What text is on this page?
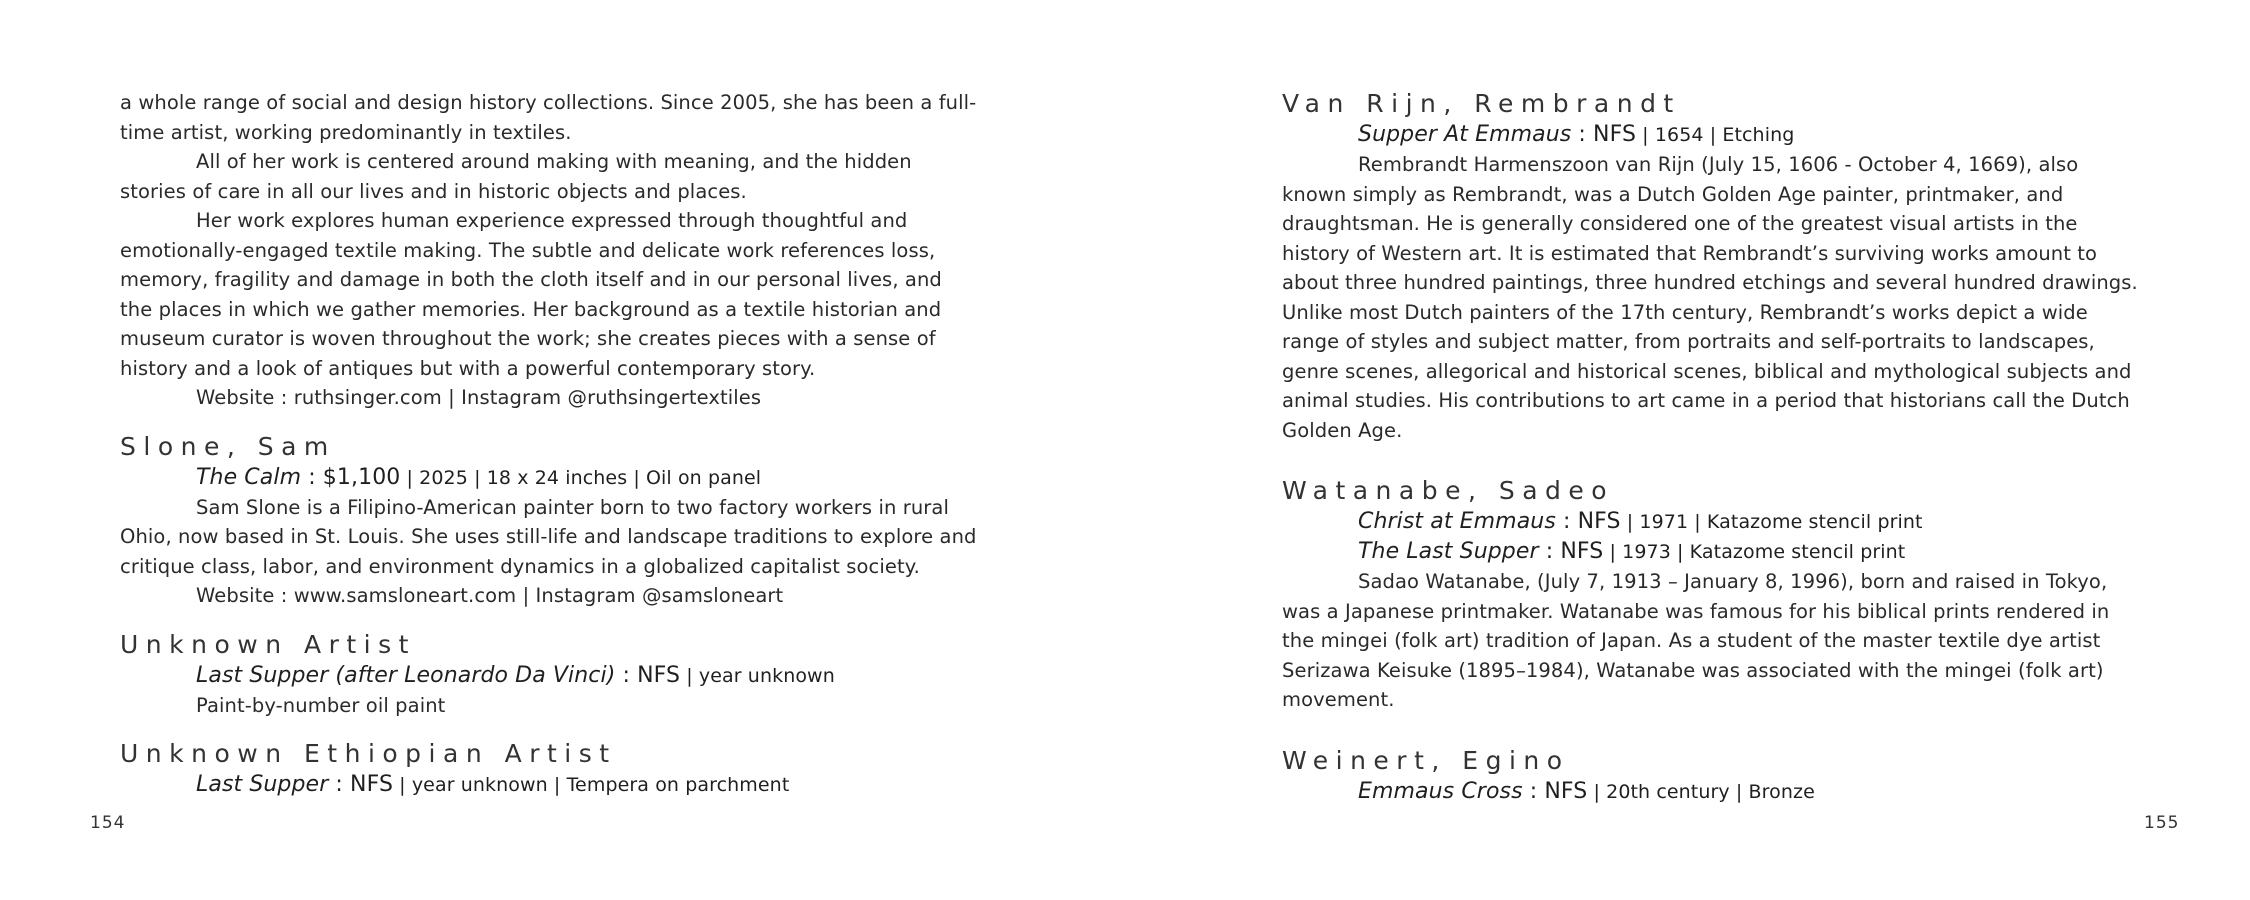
a whole range of social and design history collections. Since 2005, she has been a full-time artist, working predominantly in textiles.

All of her work is centered around making with meaning, and the hidden stories of care in all our lives and in historic objects and places.

Her work explores human experience expressed through thoughtful and emotionally-engaged textile making. The subtle and delicate work references loss, memory, fragility and damage in both the cloth itself and in our personal lives, and the places in which we gather memories. Her background as a textile historian and museum curator is woven throughout the work; she creates pieces with a sense of history and a look of antiques but with a powerful contemporary story.

Website : ruthsinger.com | Instagram @ruthsingertextiles

Slone, Sam

The Calm : $1,100 | 2025 | 18 x 24 inches | Oil on panel

Sam Slone is a Filipino-American painter born to two factory workers in rural Ohio, now based in St. Louis. She uses still-life and landscape traditions to explore and critique class, labor, and environment dynamics in a globalized capitalist society.

Website : www.samsloneart.com | Instagram @samsloneart

Unknown Artist

Last Supper (after Leonardo Da Vinci) : NFS | year unknown

Paint-by-number oil paint

Unknown Ethiopian Artist

Last Supper : NFS | year unknown | Tempera on parchment

154
Van Rijn, Rembrandt

Supper At Emmaus : NFS | 1654 | Etching

Rembrandt Harmenszoon van Rijn (July 15, 1606 - October 4, 1669), also known simply as Rembrandt, was a Dutch Golden Age painter, printmaker, and draughtsman. He is generally considered one of the greatest visual artists in the history of Western art. It is estimated that Rembrandt’s surviving works amount to about three hundred paintings, three hundred etchings and several hundred drawings. Unlike most Dutch painters of the 17th century, Rembrandt’s works depict a wide range of styles and subject matter, from portraits and self-portraits to landscapes, genre scenes, allegorical and historical scenes, biblical and mythological subjects and animal studies. His contributions to art came in a period that historians call the Dutch Golden Age.

Watanabe, Sadeo

Christ at Emmaus : NFS | 1971 | Katazome stencil print

The Last Supper : NFS | 1973 | Katazome stencil print

Sadao Watanabe, (July 7, 1913 – January 8, 1996), born and raised in Tokyo, was a Japanese printmaker. Watanabe was famous for his biblical prints rendered in the mingei (folk art) tradition of Japan. As a student of the master textile dye artist Serizawa Keisuke (1895–1984), Watanabe was associated with the mingei (folk art) movement.

Weinert, Egino

Emmaus Cross : NFS | 20th century | Bronze

155
